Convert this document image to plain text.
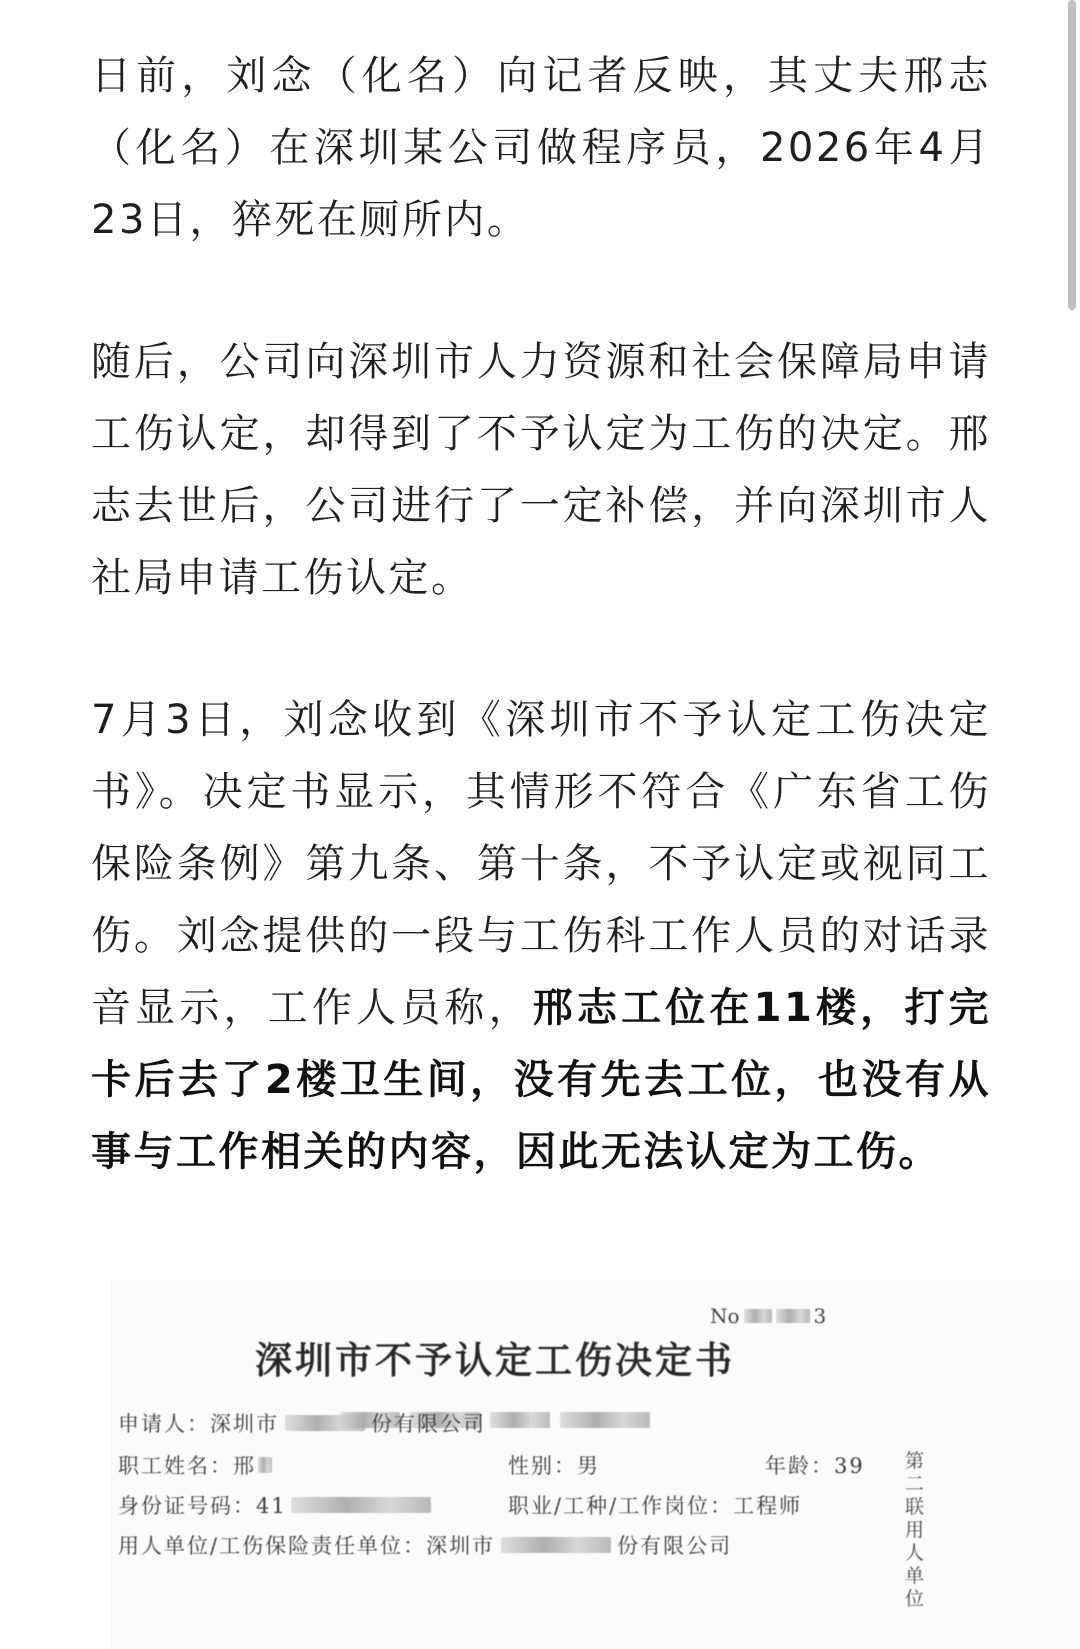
日前，刘念（化名）向记者反映，其丈夫邢志（化名）在深圳某公司做程序员，2026年4月23日，猝死在厕所内。

随后，公司向深圳市人力资源和社会保障局申请工伤认定，却得到了不予认定为工伤的决定。邢志去世后，公司进行了一定补偿，并向深圳市人社局申请工伤认定。

7月3日，刘念收到《深圳市不予认定工伤决定书》。决定书显示，其情形不符合《广东省工伤保险条例》第九条、第十条，不予认定或视同工伤。刘念提供的一段与工伤科工作人员的对话录音显示，工作人员称，邢志工位在11楼，打完卡后去了2楼卫生间，没有先去工位，也没有从事与工作相关的内容，因此无法认定为工伤。

No	3
深圳市不予认定工伤决定书
申请人：深圳市	份有限公司
职工姓名：邢	性别：男	年龄：39
身份证号码：41	职业/工种/工作岗位：工程师
用人单位/工伤保险责任单位：深圳市	份有限公司
第二联 用人单位
